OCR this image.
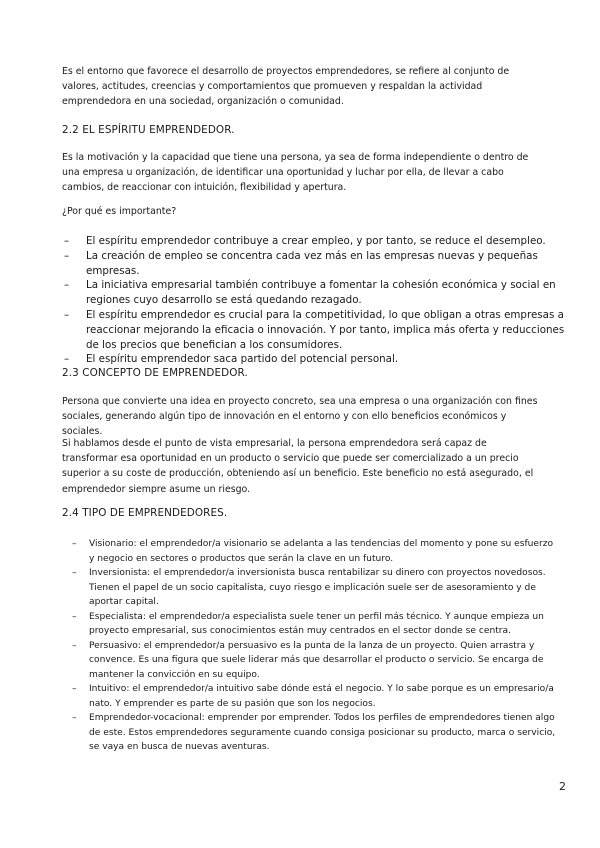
Es el entorno que favorece el desarrollo de proyectos emprendedores, se refiere al conjunto de valores, actitudes, creencias y comportamientos que promueven y respaldan la actividad emprendedora en una sociedad, organización o comunidad.

2.2 EL ESPÍRITU EMPRENDEDOR.

Es la motivación y la capacidad que tiene una persona, ya sea de forma independiente o dentro de una empresa u organización, de identificar una oportunidad y luchar por ella, de llevar a cabo cambios, de reaccionar con intuición, flexibilidad y apertura.

¿Por qué es importante?

– El espíritu emprendedor contribuye a crear empleo, y por tanto, se reduce el desempleo.
– La creación de empleo se concentra cada vez más en las empresas nuevas y pequeñas empresas.
– La iniciativa empresarial también contribuye a fomentar la cohesión económica y social en regiones cuyo desarrollo se está quedando rezagado.
– El espíritu emprendedor es crucial para la competitividad, lo que obligan a otras empresas a reaccionar mejorando la eficacia o innovación. Y por tanto, implica más oferta y reducciones de los precios que benefician a los consumidores.
– El espíritu emprendedor saca partido del potencial personal.
2.3 CONCEPTO DE EMPRENDEDOR.

Persona que convierte una idea en proyecto concreto, sea una empresa o una organización con fines sociales, generando algún tipo de innovación en el entorno y con ello beneficios económicos y sociales.

Si hablamos desde el punto de vista empresarial, la persona emprendedora será capaz de transformar esa oportunidad en un producto o servicio que puede ser comercializado a un precio superior a su coste de producción, obteniendo así un beneficio. Este beneficio no está asegurado, el emprendedor siempre asume un riesgo.

2.4 TIPO DE EMPRENDEDORES.
– Visionario: el emprendedor/a visionario se adelanta a las tendencias del momento y pone su esfuerzo y negocio en sectores o productos que serán la clave en un futuro.
– Inversionista: el emprendedor/a inversionista busca rentabilizar su dinero con proyectos novedosos. Tienen el papel de un socio capitalista, cuyo riesgo e implicación suele ser de asesoramiento y de aportar capital.
– Especialista: el emprendedor/a especialista suele tener un perfil más técnico. Y aunque empieza un proyecto empresarial, sus conocimientos están muy centrados en el sector donde se centra.
– Persuasivo: el emprendedor/a persuasivo es la punta de la lanza de un proyecto. Quien arrastra y convence. Es una figura que suele liderar más que desarrollar el producto o servicio. Se encarga de mantener la convicción en su equipo.
– Intuitivo: el emprendedor/a intuitivo sabe dónde está el negocio. Y lo sabe porque es un empresario/a nato. Y emprender es parte de su pasión que son los negocios.
– Emprendedor-vocacional: emprender por emprender. Todos los perfiles de emprendedores tienen algo de este. Estos emprendedores seguramente cuando consiga posicionar su producto, marca o servicio, se vaya en busca de nuevas aventuras.
2
